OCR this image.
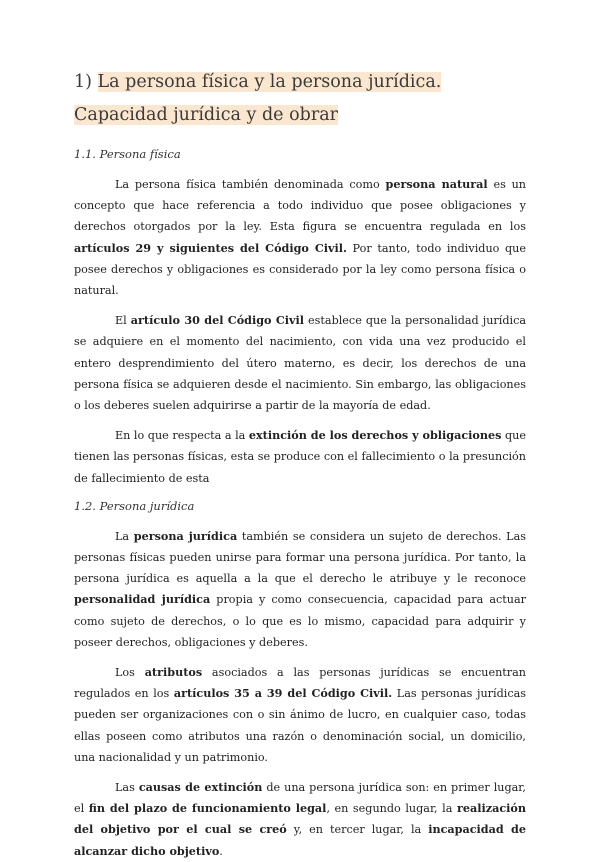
1) La persona física y la persona jurídica. Capacidad jurídica y de obrar
1.1. Persona física

La persona física también denominada como persona natural es un concepto que hace referencia a todo individuo que posee obligaciones y derechos otorgados por la ley. Esta figura se encuentra regulada en los artículos 29 y siguientes del Código Civil. Por tanto, todo individuo que posee derechos y obligaciones es considerado por la ley como persona física o natural.

El artículo 30 del Código Civil establece que la personalidad jurídica se adquiere en el momento del nacimiento, con vida una vez producido el entero desprendimiento del útero materno, es decir, los derechos de una persona física se adquieren desde el nacimiento. Sin embargo, las obligaciones o los deberes suelen adquirirse a partir de la mayoría de edad.

En lo que respecta a la extinción de los derechos y obligaciones que tienen las personas físicas, esta se produce con el fallecimiento o la presunción de fallecimiento de esta

1.2. Persona jurídica

La persona jurídica también se considera un sujeto de derechos. Las personas físicas pueden unirse para formar una persona jurídica. Por tanto, la persona jurídica es aquella a la que el derecho le atribuye y le reconoce personalidad jurídica propia y como consecuencia, capacidad para actuar como sujeto de derechos, o lo que es lo mismo, capacidad para adquirir y poseer derechos, obligaciones y deberes.

Los atributos asociados a las personas jurídicas se encuentran regulados en los artículos 35 a 39 del Código Civil. Las personas jurídicas pueden ser organizaciones con o sin ánimo de lucro, en cualquier caso, todas ellas poseen como atributos una razón o denominación social, un domicilio, una nacionalidad y un patrimonio.

Las causas de extinción de una persona jurídica son: en primer lugar, el fin del plazo de funcionamiento legal, en segundo lugar, la realización del objetivo por el cual se creó y, en tercer lugar, la incapacidad de alcanzar dicho objetivo.
